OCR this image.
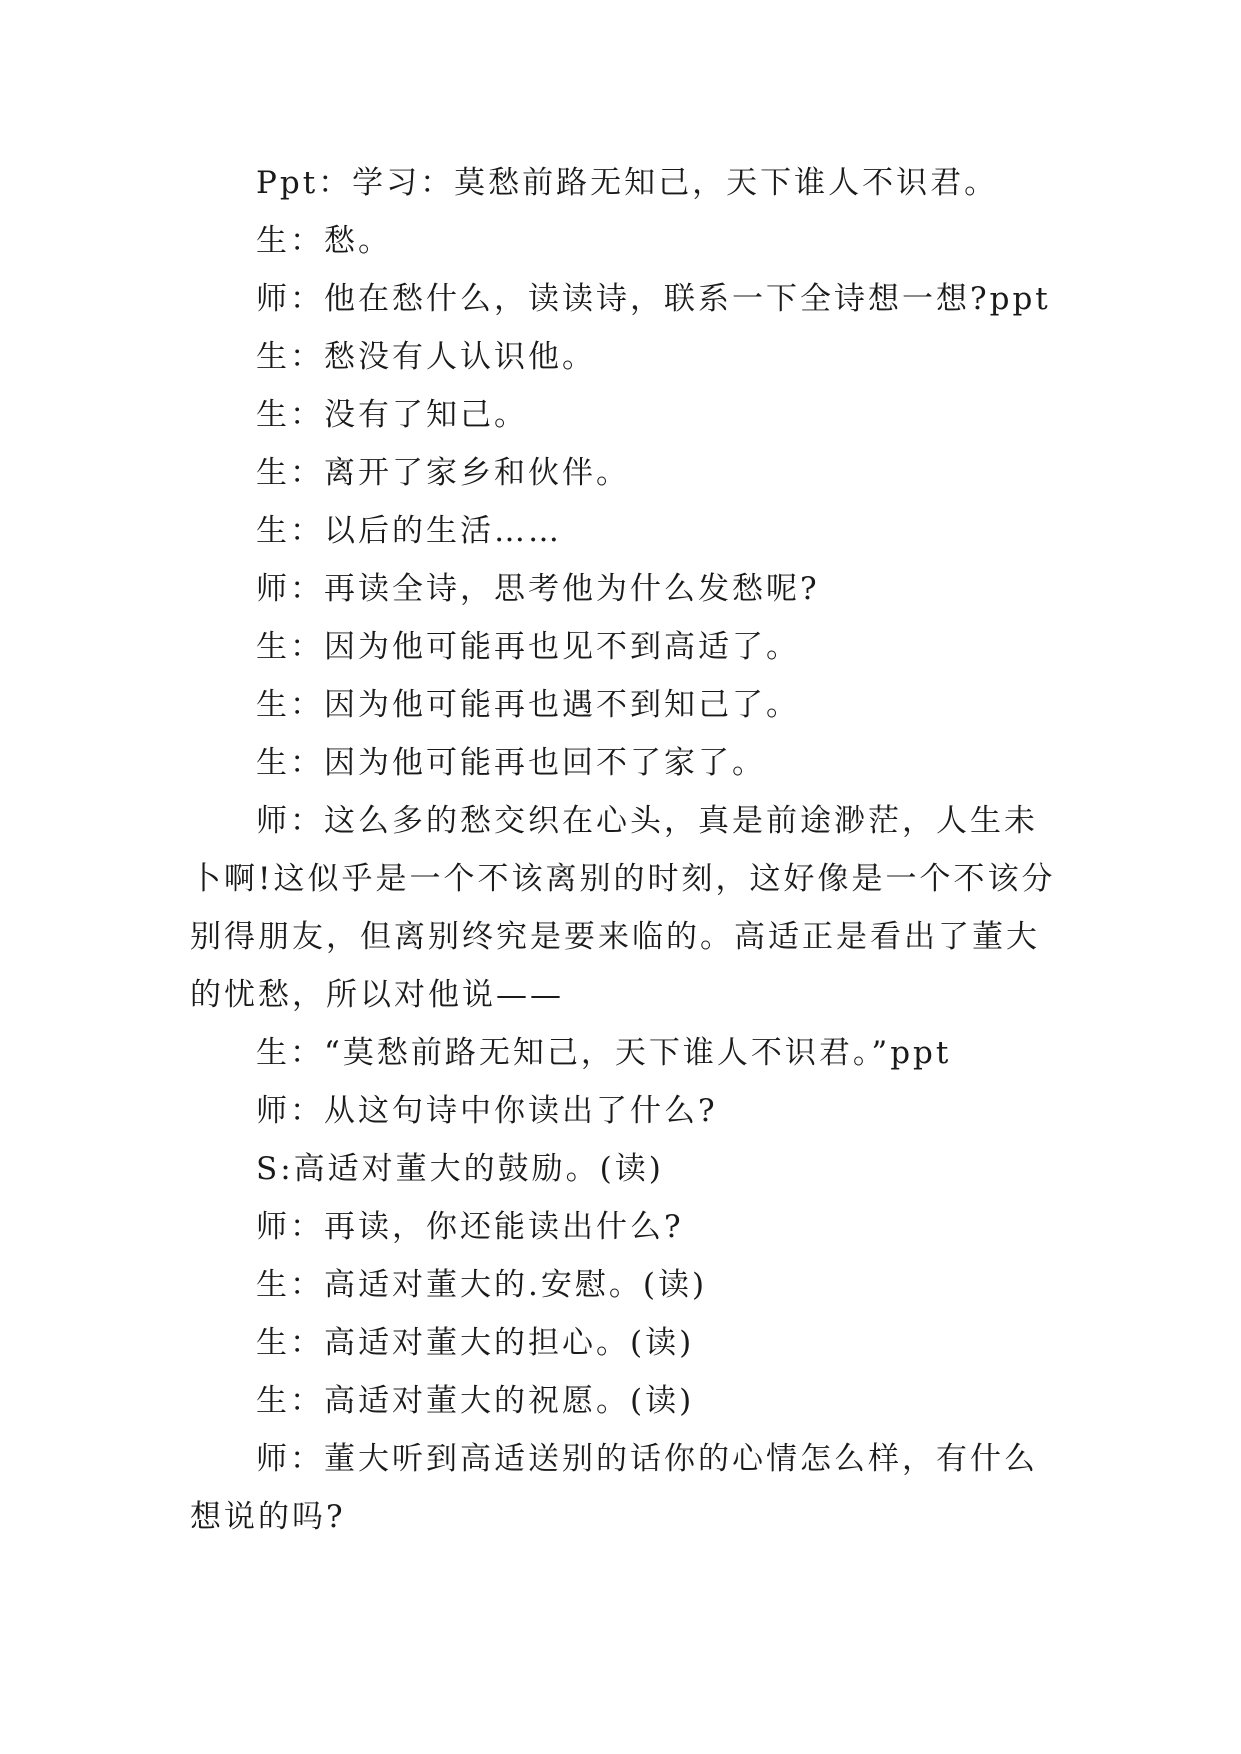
Ppt：学习：莫愁前路无知己，天下谁人不识君。

生：愁。

师：他在愁什么，读读诗，联系一下全诗想一想?ppt

生：愁没有人认识他。

生：没有了知己。

生：离开了家乡和伙伴。

生：以后的生活……

师：再读全诗，思考他为什么发愁呢?

生：因为他可能再也见不到高适了。

生：因为他可能再也遇不到知己了。

生：因为他可能再也回不了家了。

师：这么多的愁交织在心头，真是前途渺茫，人生未卜啊!这似乎是一个不该离别的时刻，这好像是一个不该分别得朋友，但离别终究是要来临的。高适正是看出了董大的忧愁，所以对他说——

生：“莫愁前路无知己，天下谁人不识君。”ppt

师：从这句诗中你读出了什么?

S:高适对董大的鼓励。(读)

师：再读，你还能读出什么?

生：高适对董大的.安慰。(读)

生：高适对董大的担心。(读)

生：高适对董大的祝愿。(读)

师：董大听到高适送别的话你的心情怎么样，有什么想说的吗?
